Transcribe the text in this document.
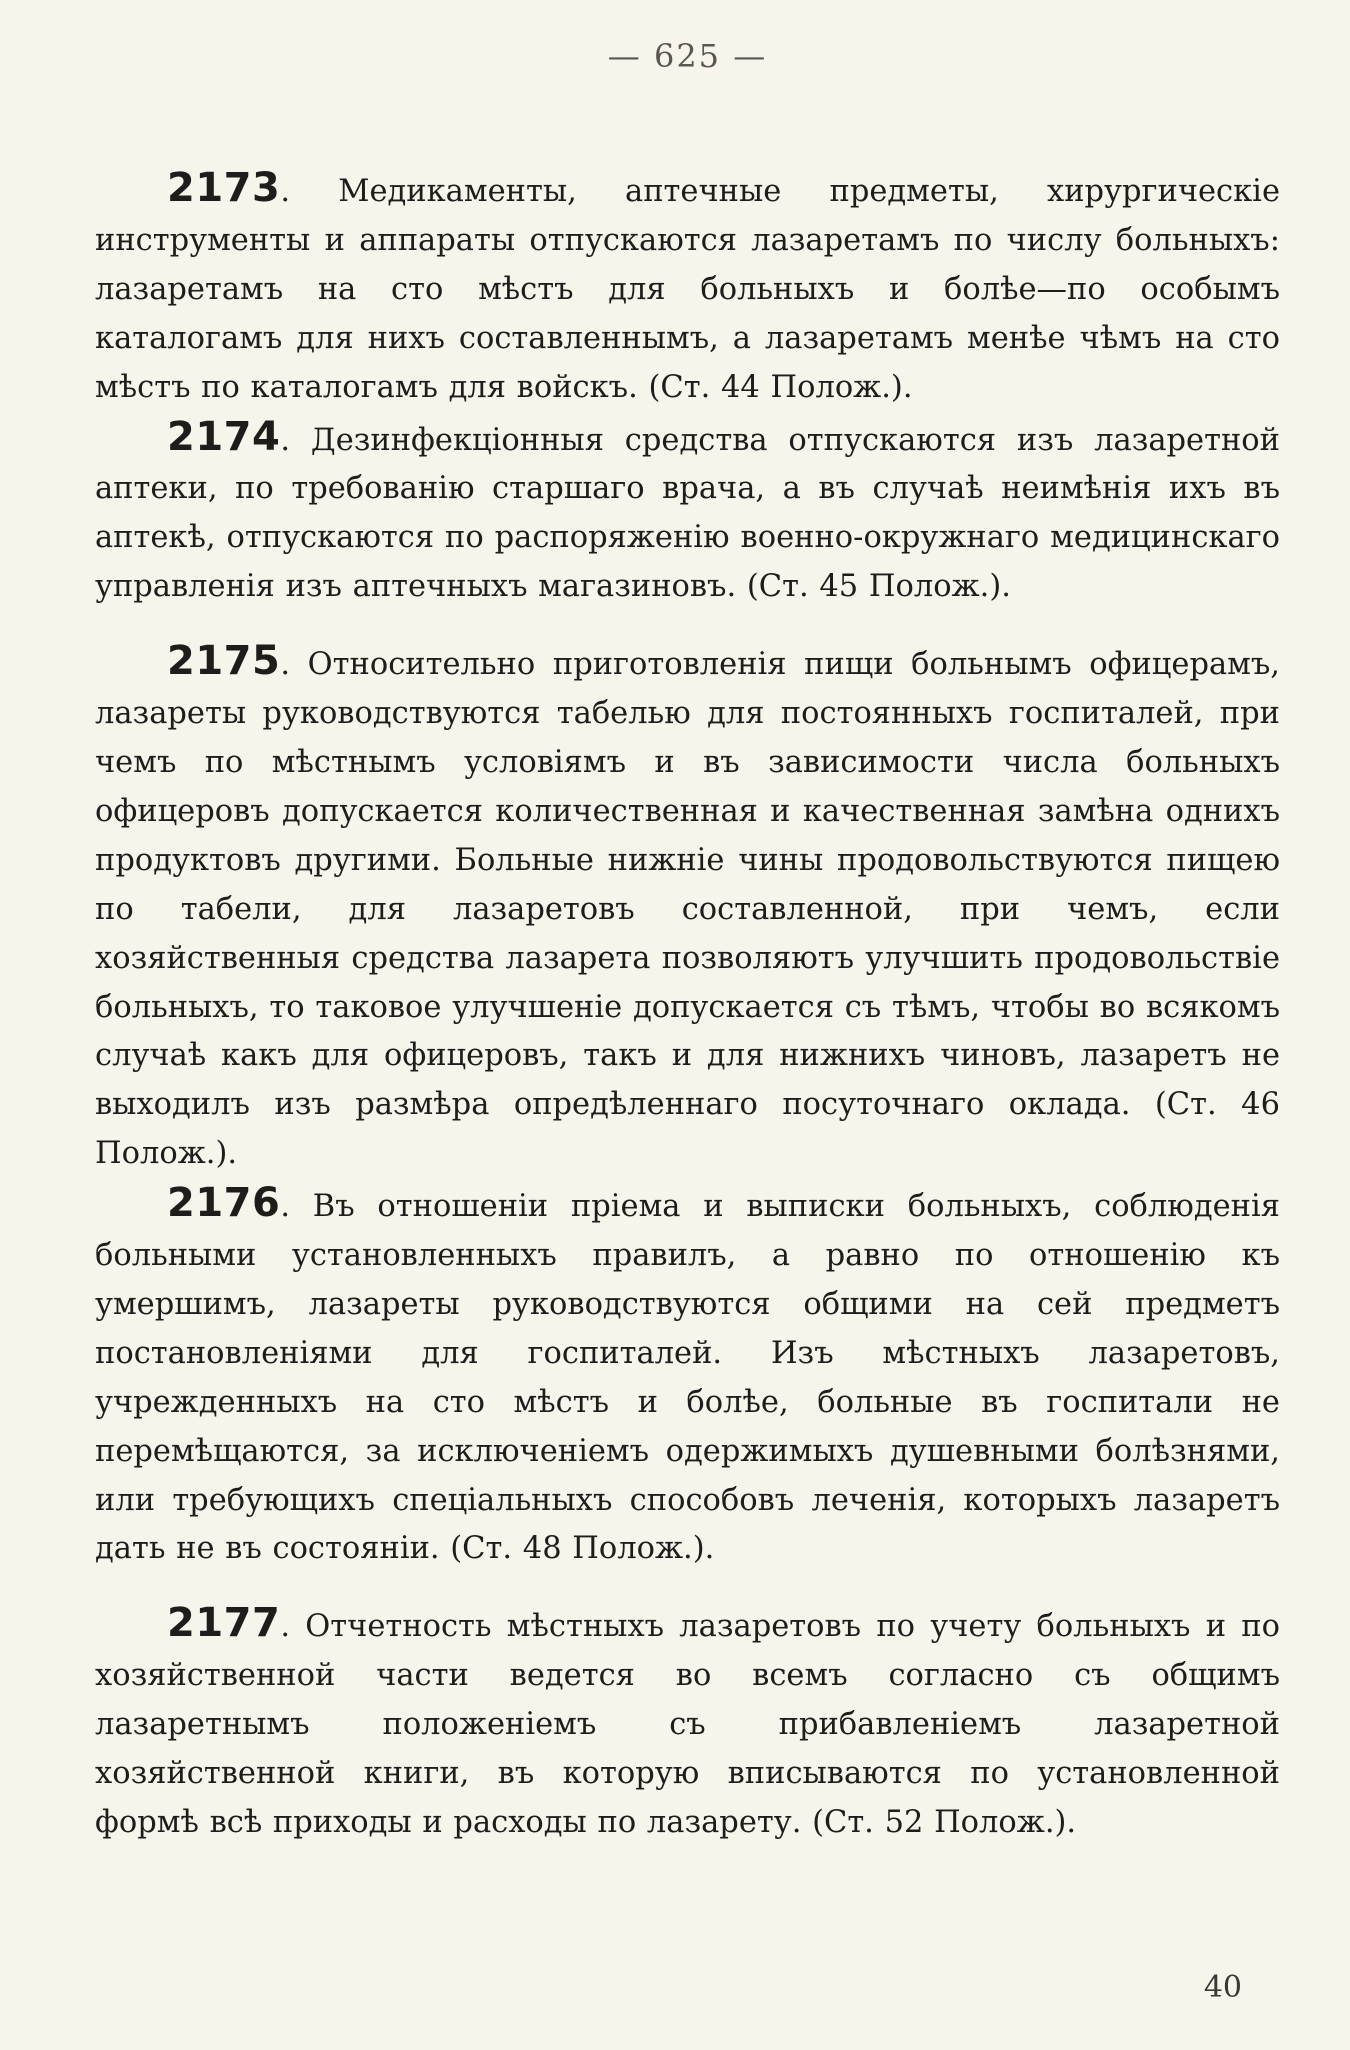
— 625 —

2173. Медикаменты, аптечные предметы, хирургическіе инструменты и аппараты отпускаются лазаретамъ по числу больныхъ: лазаретамъ на сто мѣстъ для больныхъ и болѣе—по особымъ каталогамъ для нихъ составленнымъ, а лазаретамъ менѣе чѣмъ на сто мѣстъ по каталогамъ для войскъ. (Ст. 44 Полож.).

2174. Дезинфекціонныя средства отпускаются изъ лазаретной аптеки, по требованію старшаго врача, а въ случаѣ неимѣнія ихъ въ аптекѣ, отпускаются по распоряженію военно-окружнаго медицинскаго управленія изъ аптечныхъ магазиновъ. (Ст. 45 Полож.).

2175. Относительно приготовленія пищи больнымъ офицерамъ, лазареты руководствуются табелью для постоянныхъ госпиталей, при чемъ по мѣстнымъ условіямъ и въ зависимости числа больныхъ офицеровъ допускается количественная и качественная замѣна однихъ продуктовъ другими. Больные нижніе чины продовольствуются пищею по табели, для лазаретовъ составленной, при чемъ, если хозяйственныя средства лазарета позволяютъ улучшить продовольствіе больныхъ, то таковое улучшеніе допускается съ тѣмъ, чтобы во всякомъ случаѣ какъ для офицеровъ, такъ и для нижнихъ чиновъ, лазаретъ не выходилъ изъ размѣра опредѣленнаго посуточнаго оклада. (Ст. 46 Полож.).

2176. Въ отношеніи пріема и выписки больныхъ, соблюденія больными установленныхъ правилъ, а равно по отношенію къ умершимъ, лазареты руководствуются общими на сей предметъ постановленіями для госпиталей. Изъ мѣстныхъ лазаретовъ, учрежденныхъ на сто мѣстъ и болѣе, больные въ госпитали не перемѣщаются, за исключеніемъ одержимыхъ душевными болѣзнями, или требующихъ спеціальныхъ способовъ леченія, которыхъ лазаретъ дать не въ состояніи. (Ст. 48 Полож.).

2177. Отчетность мѣстныхъ лазаретовъ по учету больныхъ и по хозяйственной части ведется во всемъ согласно съ общимъ лазаретнымъ положеніемъ съ прибавленіемъ лазаретной хозяйственной книги, въ которую вписываются по установленной формѣ всѣ приходы и расходы по лазарету. (Ст. 52 Полож.).

40
